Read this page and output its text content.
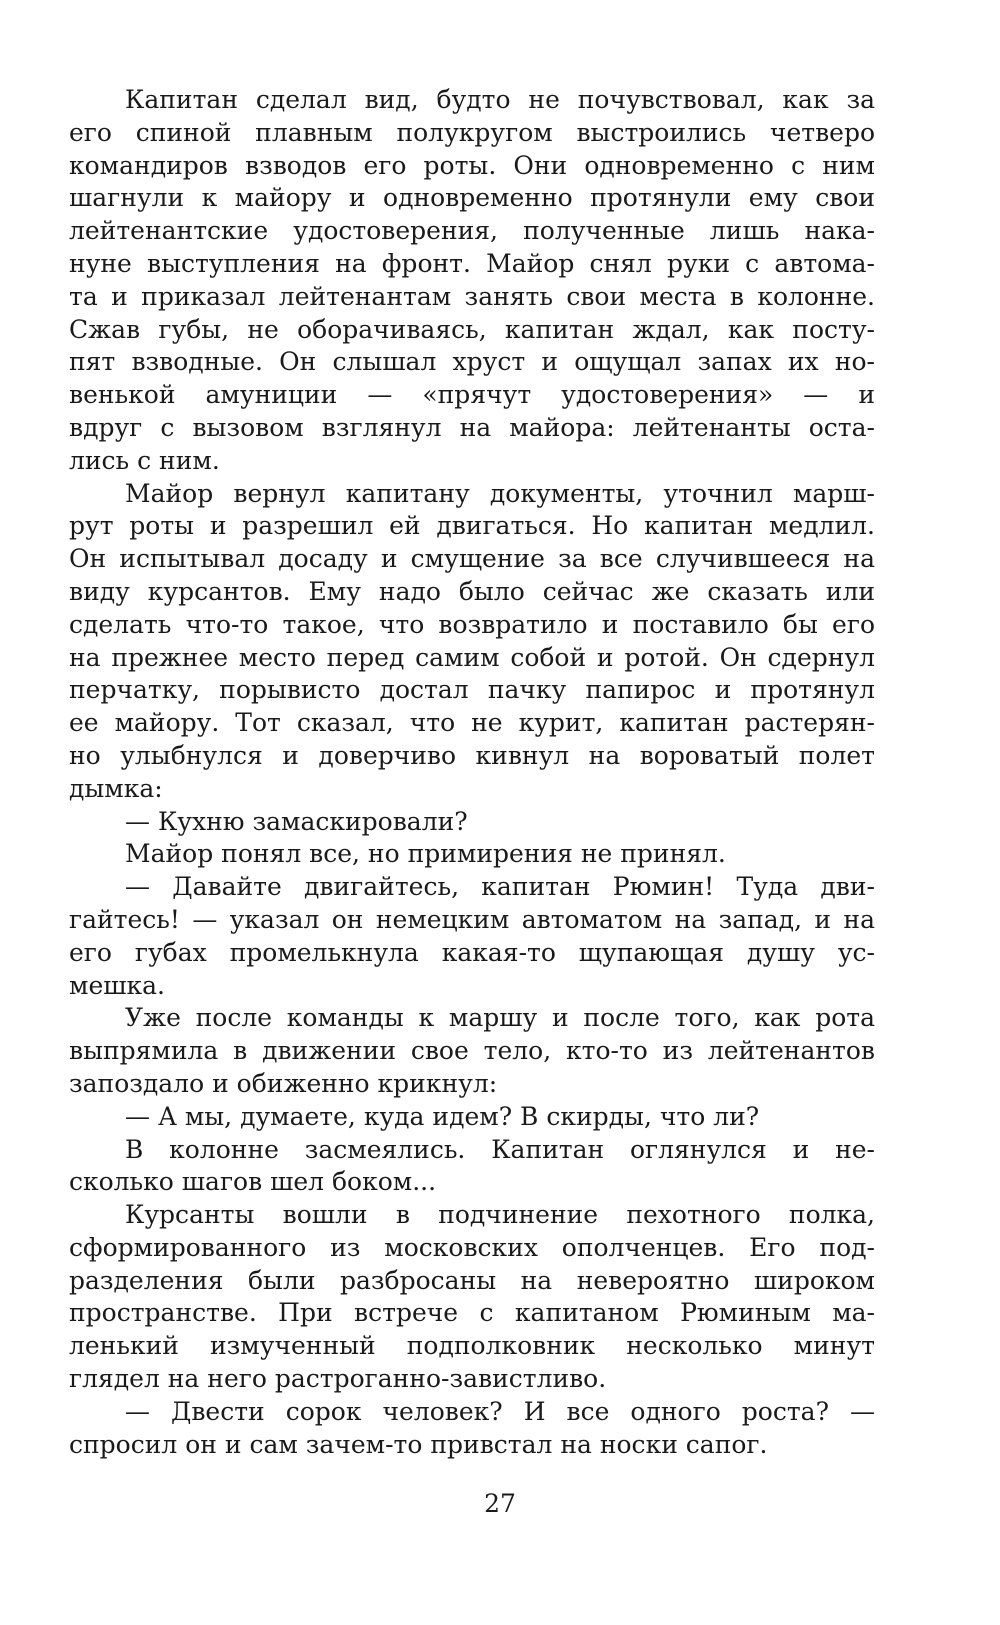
Капитан сделал вид, будто не почувствовал, как за
его спиной плавным полукругом выстроились четверо
командиров взводов его роты. Они одновременно с ним
шагнули к майору и одновременно протянули ему свои
лейтенантские удостоверения, полученные лишь нака-
нуне выступления на фронт. Майор снял руки с автома-
та и приказал лейтенантам занять свои места в колонне.
Сжав губы, не оборачиваясь, капитан ждал, как посту-
пят взводные. Он слышал хруст и ощущал запах их но-
венькой амуниции — «прячут удостоверения» — и
вдруг с вызовом взглянул на майора: лейтенанты оста-
лись с ним.
Майор вернул капитану документы, уточнил марш-
рут роты и разрешил ей двигаться. Но капитан медлил.
Он испытывал досаду и смущение за все случившееся на
виду курсантов. Ему надо было сейчас же сказать или
сделать что-то такое, что возвратило и поставило бы его
на прежнее место перед самим собой и ротой. Он сдернул
перчатку, порывисто достал пачку папирос и протянул
ее майору. Тот сказал, что не курит, капитан растерян-
но улыбнулся и доверчиво кивнул на вороватый полет
дымка:
— Кухню замаскировали?
Майор понял все, но примирения не принял.
— Давайте двигайтесь, капитан Рюмин! Туда дви-
гайтесь! — указал он немецким автоматом на запад, и на
его губах промелькнула какая-то щупающая душу ус-
мешка.
Уже после команды к маршу и после того, как рота
выпрямила в движении свое тело, кто-то из лейтенантов
запоздало и обиженно крикнул:
— А мы, думаете, куда идем? В скирды, что ли?
В колонне засмеялись. Капитан оглянулся и не-
сколько шагов шел боком...
Курсанты вошли в подчинение пехотного полка,
сформированного из московских ополченцев. Его под-
разделения были разбросаны на невероятно широком
пространстве. При встрече с капитаном Рюминым ма-
ленький измученный подполковник несколько минут
глядел на него растроганно-завистливо.
— Двести сорок человек? И все одного роста? —
спросил он и сам зачем-то привстал на носки сапог.
27
